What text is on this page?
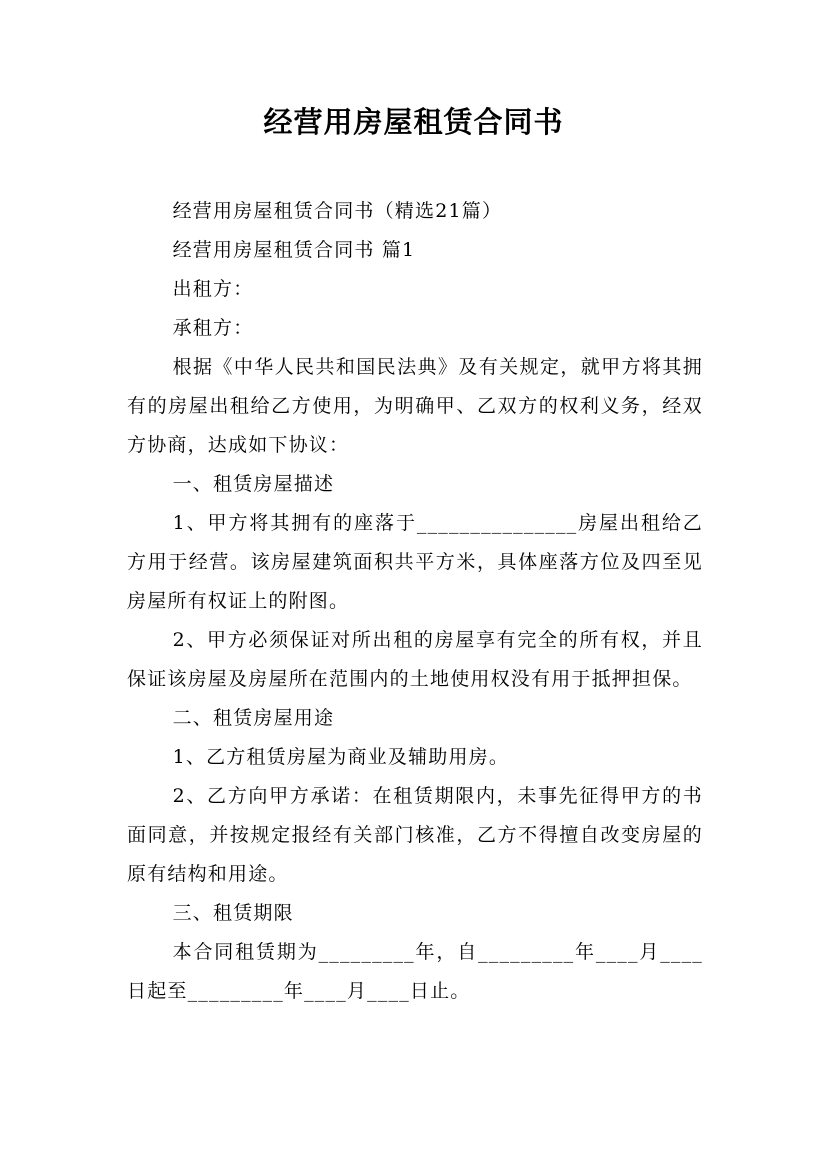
经营用房屋租赁合同书

经营用房屋租赁合同书（精选21篇）

经营用房屋租赁合同书 篇1

出租方：

承租方：

根据《中华人民共和国民法典》及有关规定，就甲方将其拥有的房屋出租给乙方使用，为明确甲、乙双方的权利义务，经双方协商，达成如下协议：

一、租赁房屋描述

1、甲方将其拥有的座落于_______________房屋出租给乙方用于经营。该房屋建筑面积共平方米，具体座落方位及四至见房屋所有权证上的附图。

2、甲方必须保证对所出租的房屋享有完全的所有权，并且保证该房屋及房屋所在范围内的土地使用权没有用于抵押担保。

二、租赁房屋用途

1、乙方租赁房屋为商业及辅助用房。

2、乙方向甲方承诺：在租赁期限内，未事先征得甲方的书面同意，并按规定报经有关部门核准，乙方不得擅自改变房屋的原有结构和用途。

三、租赁期限

本合同租赁期为_________年，自_________年____月____日起至_________年____月____日止。
